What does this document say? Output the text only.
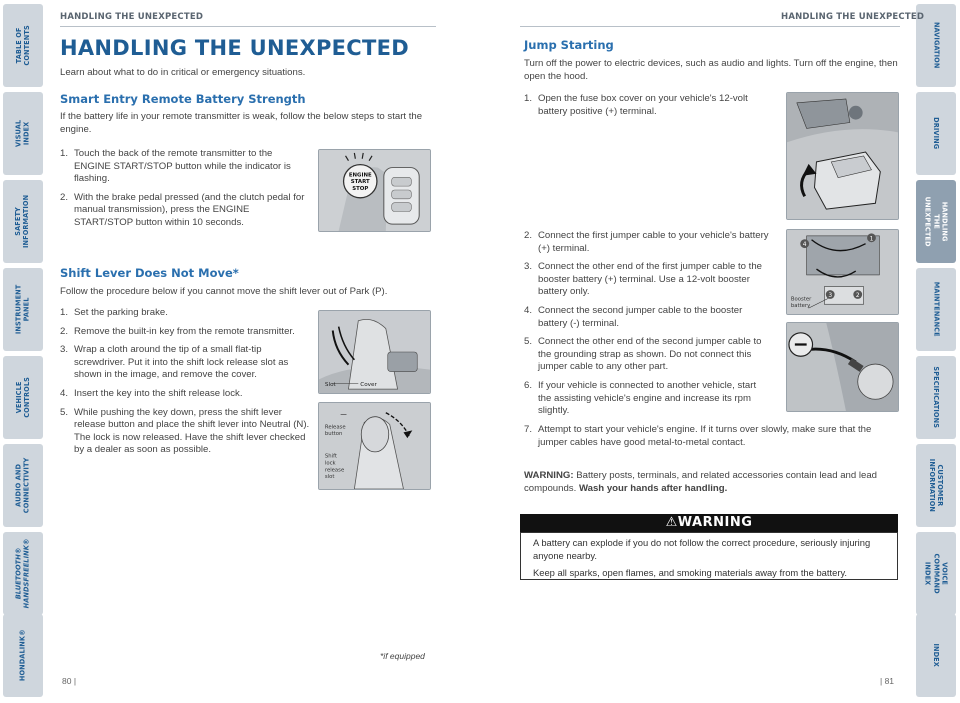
TABLE OF CONTENTS
VISUAL INDEX
SAFETY
INFORMATION
INSTRUMENT PANEL
VEHICLE
CONTROLS
AUDIO AND
CONNECTIVITY
BLUETOOTH®
HANDSFREELINK®
HONDALINK®
NAVIGATION
DRIVING
HANDLING THE
UNEXPECTED
MAINTENANCE
SPECIFICATIONS
CUSTOMER
INFORMATION
VOICE COMMAND
INDEX
INDEX
HANDLING THE UNEXPECTED
HANDLING THE UNEXPECTED
Learn about what to do in critical or emergency situations.
Smart Entry Remote Battery Strength

If the battery life in your remote transmitter is weak, follow the below steps to start the engine.

1. Touch the back of the remote transmitter to the ENGINE START/STOP button while the indicator is flashing.
2. With the brake pedal pressed (and the clutch pedal for manual transmission), press the ENGINE START/STOP button within 10 seconds.
ENGINE
START
STOP
Shift Lever Does Not Move*

Follow the procedure below if you cannot move the shift lever out of Park (P).

1. Set the parking brake.
2. Remove the built-in key from the remote transmitter.
3. Wrap a cloth around the tip of a small flat-tip screwdriver. Put it into the shift lock release slot as shown in the image, and remove the cover.
4. Insert the key into the shift release lock.
5. While pushing the key down, press the shift lever release button and place the shift lever into Neutral (N). The lock is now released. Have the shift lever checked by a dealer as soon as possible.
Slot	Cover
Release button
Shift lock release slot
*if equipped
80 |
HANDLING THE UNEXPECTED
Jump Starting

Turn off the power to electric devices, such as audio and lights. Turn off the engine, then open the hood.

1. Open the fuse box cover on your vehicle's 12-volt battery positive (+) terminal.
2. Connect the first jumper cable to your vehicle's battery (+) terminal.
3. Connect the other end of the first jumper cable to the booster battery (+) terminal. Use a 12-volt booster battery only.
4. Connect the second jumper cable to the booster battery (-) terminal.
5. Connect the other end of the second jumper cable to the grounding strap as shown. Do not connect this jumper cable to any other part.
6. If your vehicle is connected to another vehicle, start the assisting vehicle's engine and increase its rpm slightly.
4
1
3	2
Booster battery
7. Attempt to start your vehicle's engine. If it turns over slowly, make sure that the jumper cables have good metal-to-metal contact.

WARNING: Battery posts, terminals, and related accessories contain lead and lead compounds. Wash your hands after handling.

⚠WARNING

A battery can explode if you do not follow the correct procedure, seriously injuring anyone nearby.

Keep all sparks, open flames, and smoking materials away from the battery.

| 81
